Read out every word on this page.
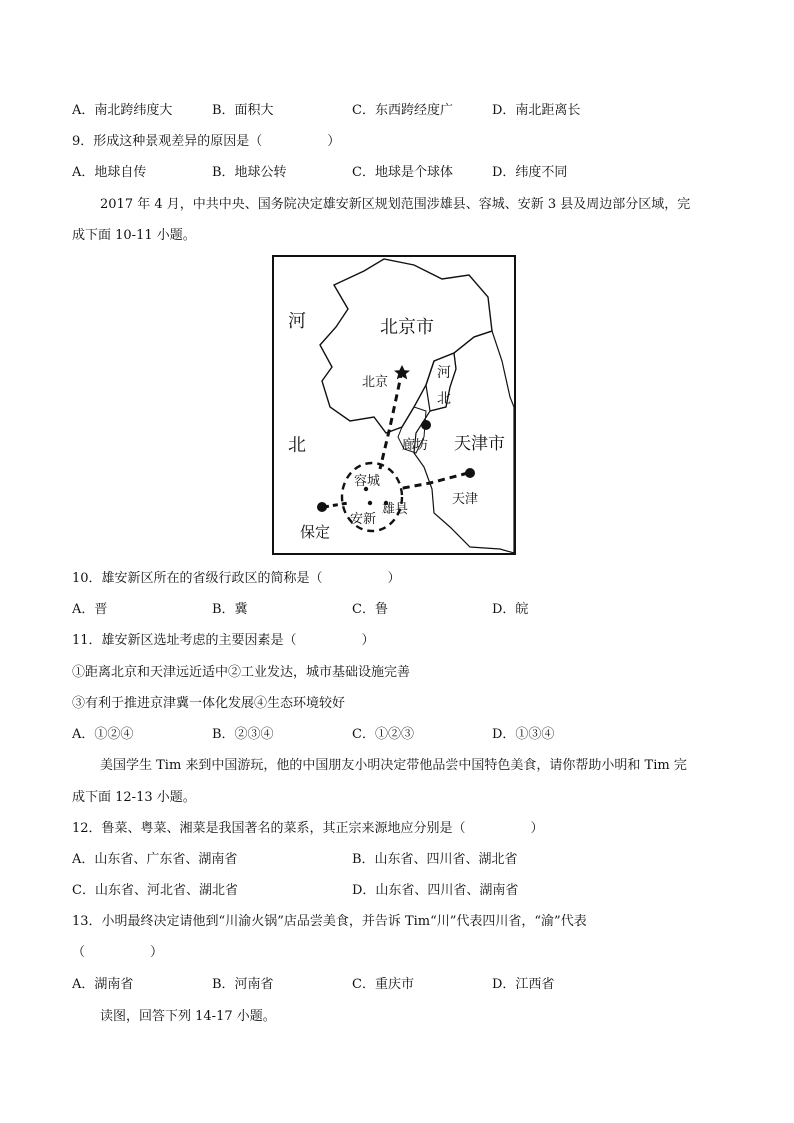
A．南北跨纬度大	B．面积大	C．东西跨经度广	D．南北距离长
9．形成这种景观差异的原因是（　　　　　）
A．地球自传	B．地球公转	C．地球是个球体	D．纬度不同
2017 年 4 月，中共中央、国务院决定雄安新区规划范围涉雄县、容城、安新 3 县及周边部分区域，完
成下面 10-11 小题。
河
北
北京市
北京
河
北
廊坊 天津市
容城
天津
雄县
安新
保定
10．雄安新区所在的省级行政区的简称是（　　　　　）
A．晋	B．冀	C．鲁	D．皖
11．雄安新区选址考虑的主要因素是（　　　　　）
①距离北京和天津远近适中②工业发达，城市基础设施完善
③有利于推进京津冀一体化发展④生态环境较好
A．①②④	B．②③④	C．①②③	D．①③④
美国学生 Tim 来到中国游玩，他的中国朋友小明决定带他品尝中国特色美食，请你帮助小明和 Tim 完
成下面 12-13 小题。
12．鲁菜、粤菜、湘菜是我国著名的菜系，其正宗来源地应分别是（　　　　　）
A．山东省、广东省、湖南省	B．山东省、四川省、湖北省
C．山东省、河北省、湖北省	D．山东省、四川省、湖南省
13．小明最终决定请他到“川渝火锅”店品尝美食，并告诉 Tim“川”代表四川省，“渝”代表
（　　　　　）
A．湖南省	B．河南省	C．重庆市	D．江西省
读图，回答下列 14-17 小题。
